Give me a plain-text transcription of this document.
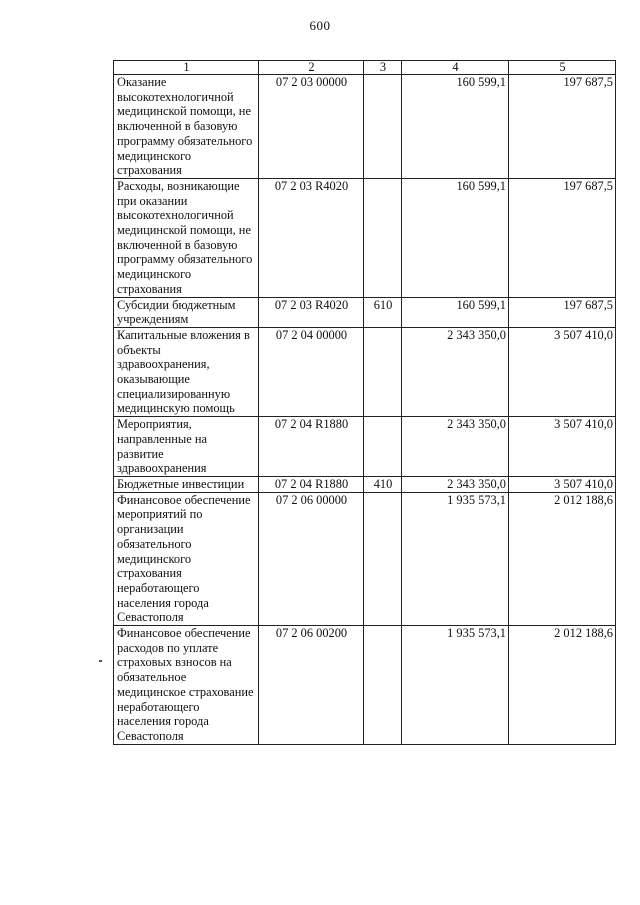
600
1	2	3	4	5
Оказание высокотехнологичной медицинской помощи, не включенной в базовую программу обязательного медицинского страхования	07 2 03 00000		160 599,1	197 687,5
Расходы, возникающие при оказании высокотехнологичной медицинской помощи, не включенной в базовую программу обязательного медицинского страхования	07 2 03 R4020		160 599,1	197 687,5
Субсидии бюджетным учреждениям	07 2 03 R4020	610	160 599,1	197 687,5
Капитальные вложения в объекты здравоохранения, оказывающие специализированную медицинскую помощь	07 2 04 00000		2 343 350,0	3 507 410,0
Мероприятия, направленные на развитие здравоохранения	07 2 04 R1880		2 343 350,0	3 507 410,0
Бюджетные инвестиции	07 2 04 R1880	410	2 343 350,0	3 507 410,0
Финансовое обеспечение мероприятий по организации обязательного медицинского страхования неработающего населения города Севастополя	07 2 06 00000		1 935 573,1	2 012 188,6
Финансовое обеспечение расходов по уплате страховых взносов на обязательное медицинское страхование неработающего населения города Севастополя	07 2 06 00200		1 935 573,1	2 012 188,6
